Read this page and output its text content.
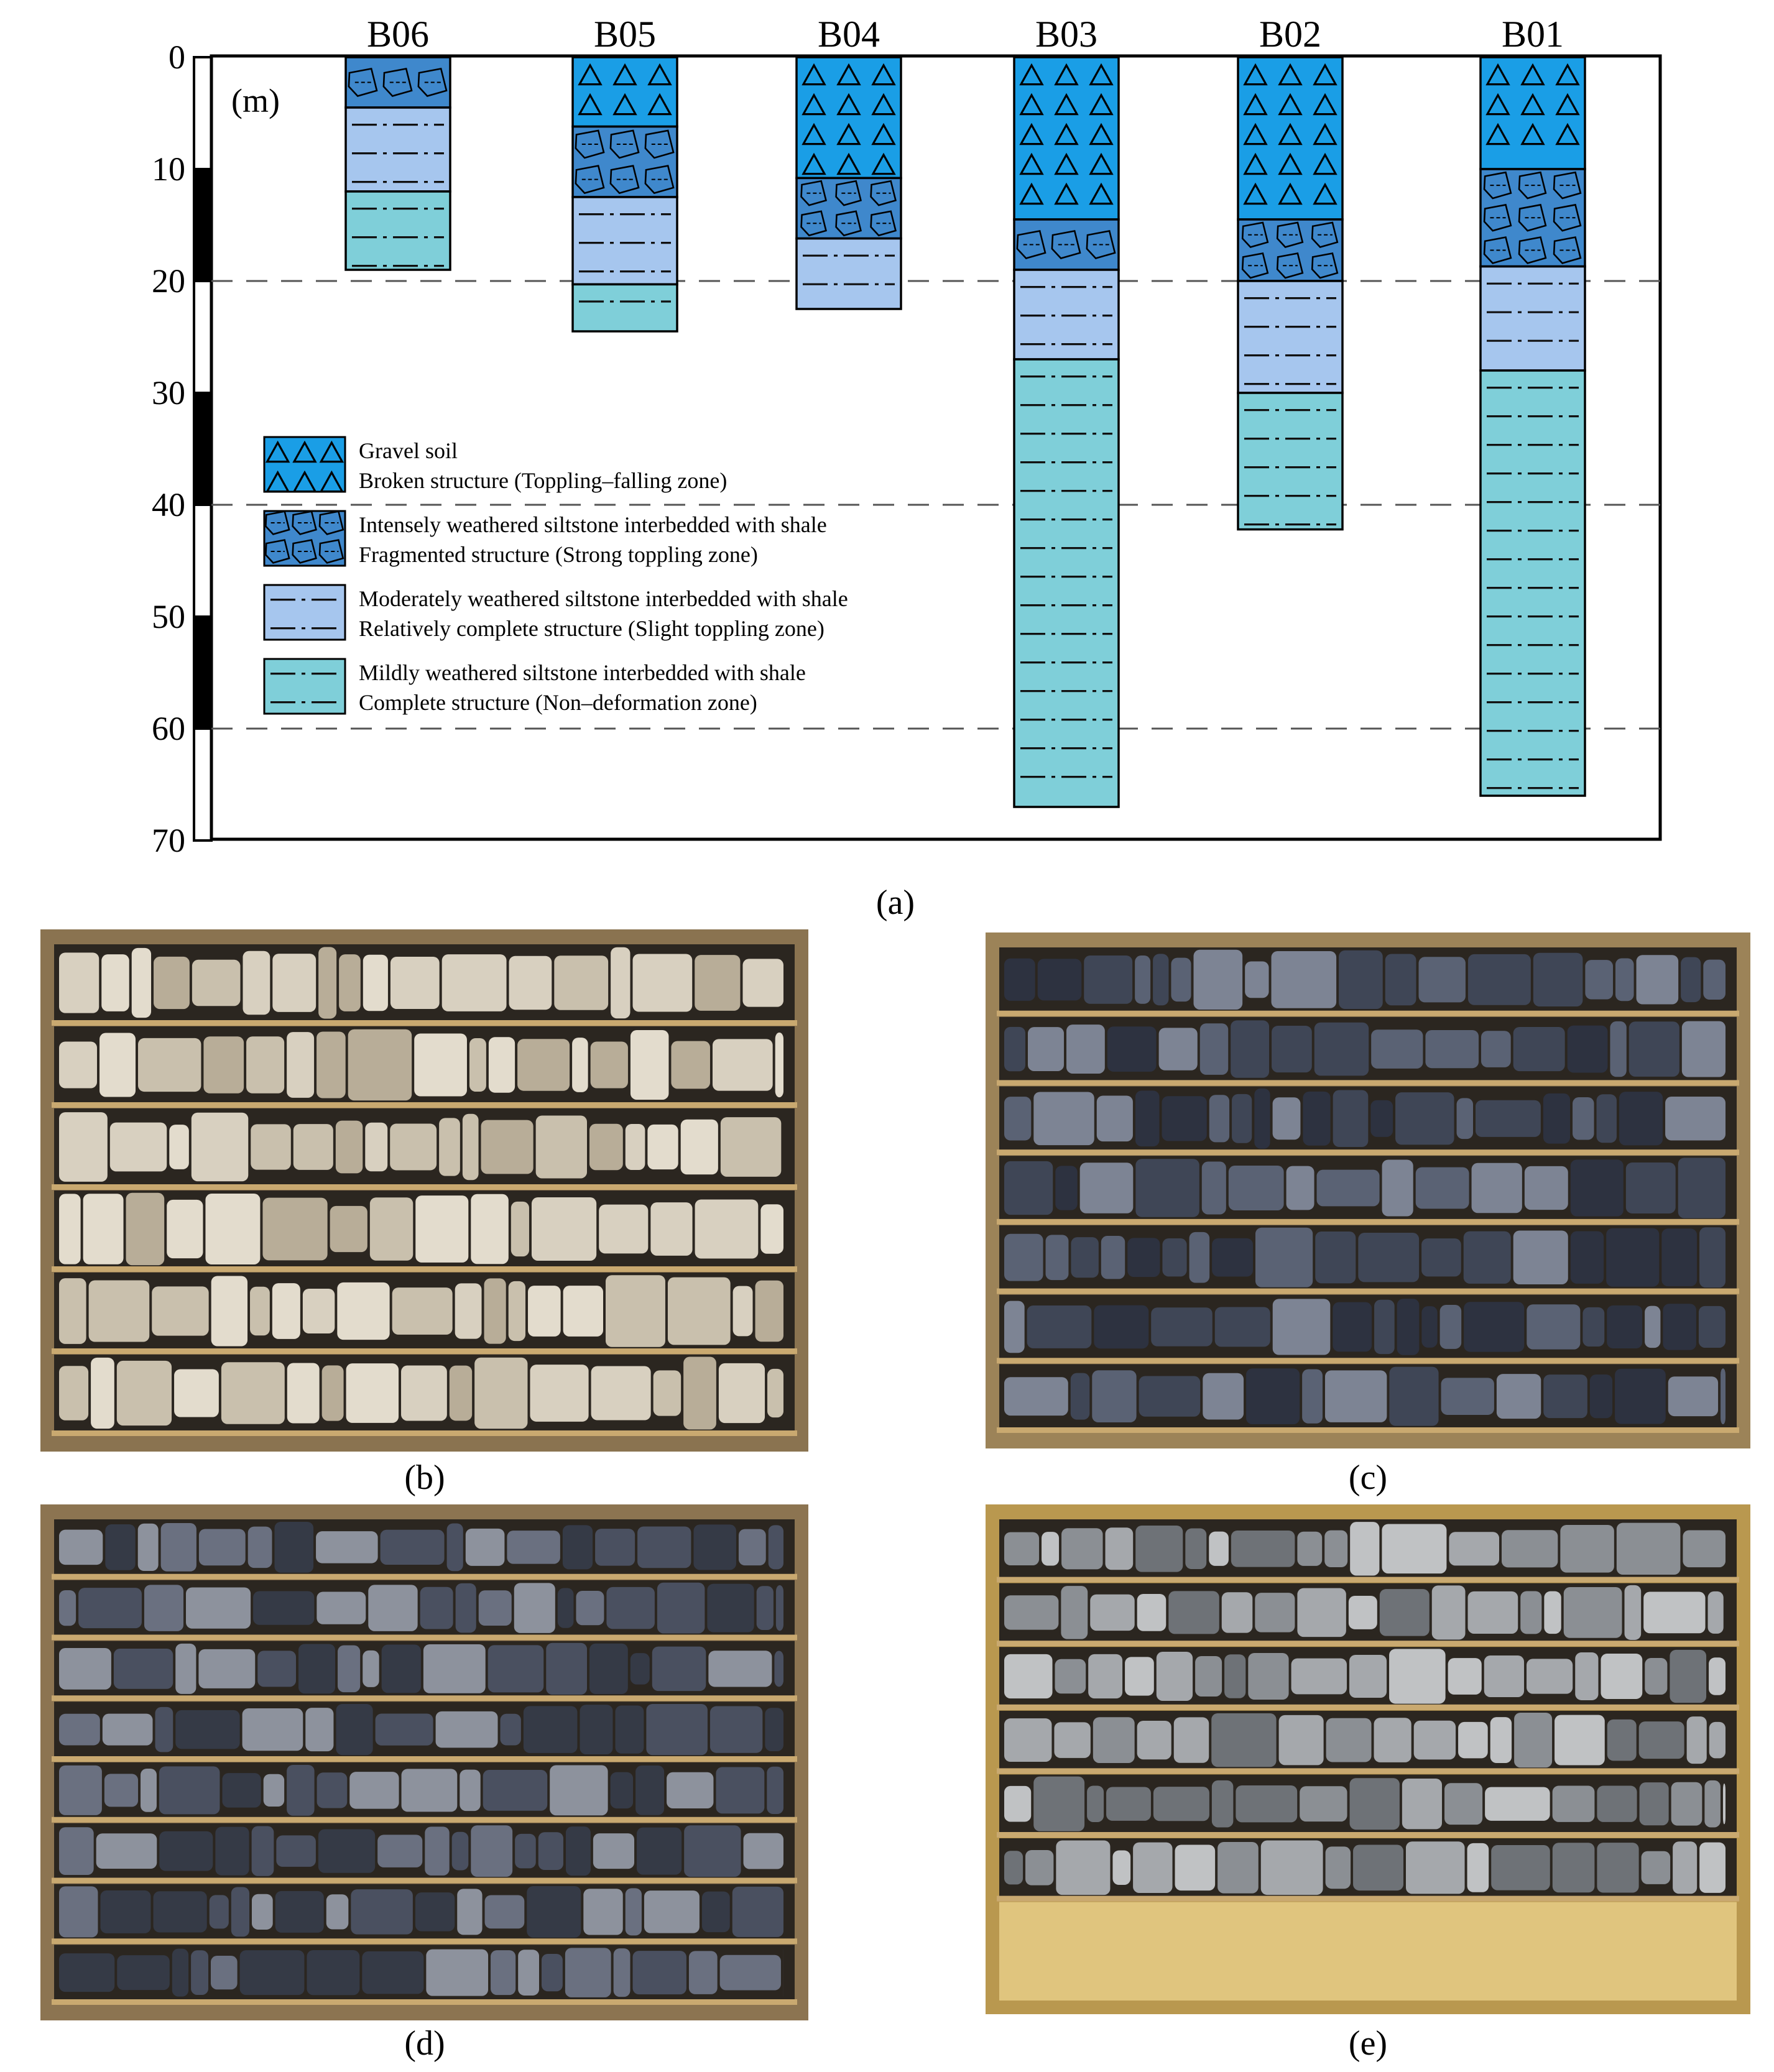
0
10
20
30
40
50
60
70
(m)
B06	B05	B04	B03	B02	B01
Gravel soil
Broken structure (Toppling–falling zone)
Intensely weathered siltstone interbedded with shale
Fragmented structure (Strong toppling zone)
Moderately weathered siltstone interbedded with shale
Relatively complete structure (Slight toppling zone)
Mildly weathered siltstone interbedded with shale
Complete structure (Non–deformation zone)
(a)
(b)	(c)
(d)	(e)
